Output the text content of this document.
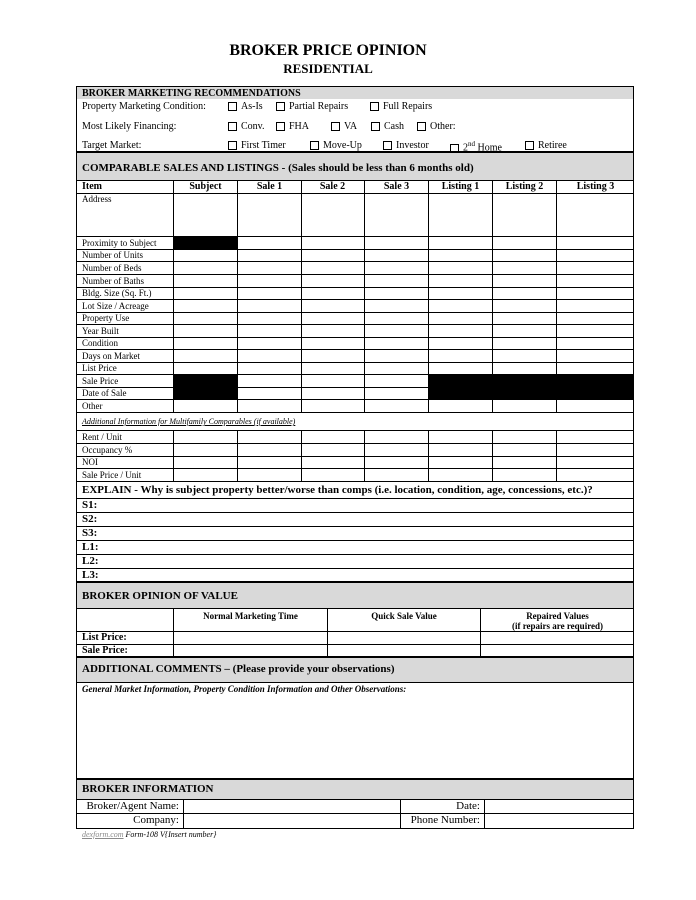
BROKER PRICE OPINION
RESIDENTIAL
BROKER MARKETING RECOMMENDATIONS
Property Marketing Condition:	As-Is	Partial Repairs	Full Repairs
Most Likely Financing:	Conv.	FHA	VA	Cash	Other:
Target Market:	First Timer	Move-Up	Investor	2nd Home	Retiree
COMPARABLE SALES AND LISTINGS - (Sales should be less than 6 months old)
Item	Subject	Sale 1	Sale 2	Sale 3	Listing 1	Listing 2	Listing 3
Address
Proximity to Subject
Number of Units
Number of Beds
Number of Baths
Bldg. Size (Sq. Ft.)
Lot Size / Acreage
Property Use
Year Built
Condition
Days on Market
List Price
Sale Price
Date of Sale
Other
Additional Information for Multifamily Comparables (if available)
Rent / Unit
Occupancy %
NOI
Sale Price / Unit
EXPLAIN - Why is subject property better/worse than comps (i.e. location, condition, age, concessions, etc.)?
S1:
S2:
S3:
L1:
L2:
L3:
BROKER OPINION OF VALUE
Normal Marketing Time	Quick Sale Value	Repaired Values
(if repairs are required)
List Price:
Sale Price:
ADDITIONAL COMMENTS – (Please provide your observations)
General Market Information, Property Condition Information and Other Observations:
BROKER INFORMATION
Broker/Agent Name:	Date:
Company:	Phone Number:
dexform.com Form-108 V{Insert number}
